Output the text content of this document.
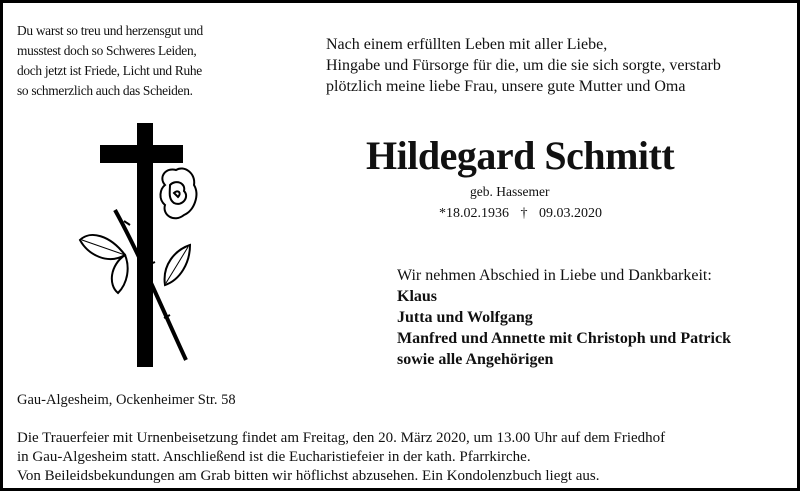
Du warst so treu und herzensgut und
musstest doch so Schweres Leiden,
doch jetzt ist Friede, Licht und Ruhe
so schmerzlich auch das Scheiden.
Nach einem erfüllten Leben mit aller Liebe,
Hingabe und Fürsorge für die, um die sie sich sorgte, verstarb
plötzlich meine liebe Frau, unsere gute Mutter und Oma
Hildegard Schmitt
geb. Hassemer
*18.02.1936 † 09.03.2020
Wir nehmen Abschied in Liebe und Dankbarkeit:
Klaus
Jutta und Wolfgang
Manfred und Annette mit Christoph und Patrick
sowie alle Angehörigen
Gau-Algesheim, Ockenheimer Str. 58
Die Trauerfeier mit Urnenbeisetzung findet am Freitag, den 20. März 2020, um 13.00 Uhr auf dem Friedhof
in Gau-Algesheim statt. Anschließend ist die Eucharistiefeier in der kath. Pfarrkirche.
Von Beileidsbekundungen am Grab bitten wir höflichst abzusehen. Ein Kondolenzbuch liegt aus.
